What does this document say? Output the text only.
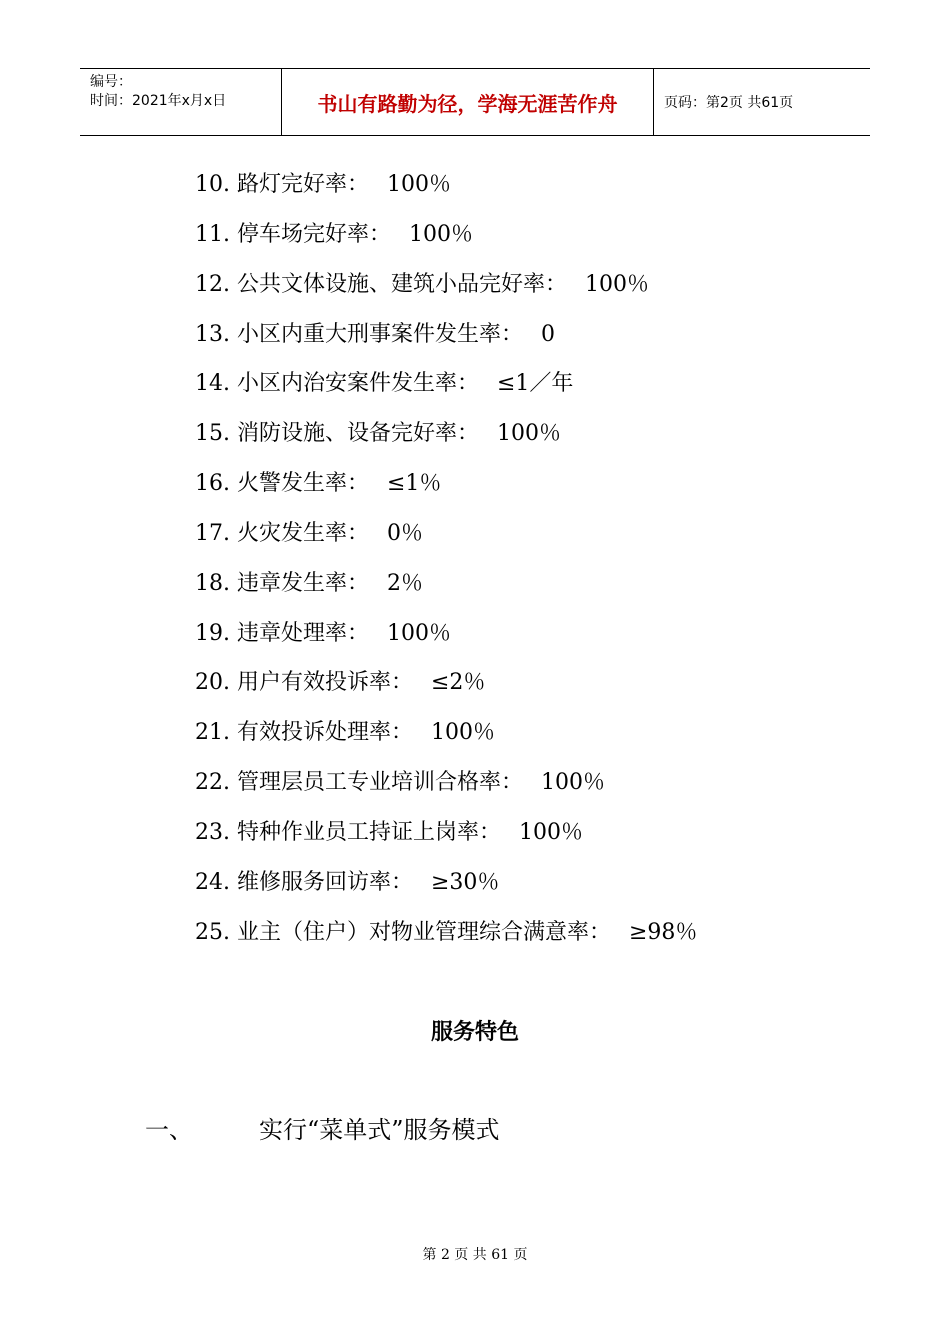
编号：
时间：2021年x月x日	书山有路勤为径，学海无涯苦作舟	页码：第2页 共61页
10. 路灯完好率： 100％
11. 停车场完好率： 100％
12. 公共文体设施、建筑小品完好率： 100％
13. 小区内重大刑事案件发生率： 0
14. 小区内治安案件发生率： ≤1／年
15. 消防设施、设备完好率： 100％
16. 火警发生率： ≤1％
17. 火灾发生率： 0％
18. 违章发生率： 2％
19. 违章处理率： 100％
20. 用户有效投诉率： ≤2％
21. 有效投诉处理率： 100％
22. 管理层员工专业培训合格率： 100％
23. 特种作业员工持证上岗率： 100％
24. 维修服务回访率： ≥30％
25. 业主（住户）对物业管理综合满意率： ≥98％
服务特色
一、	实行“菜单式”服务模式
第 2 页 共 61 页
